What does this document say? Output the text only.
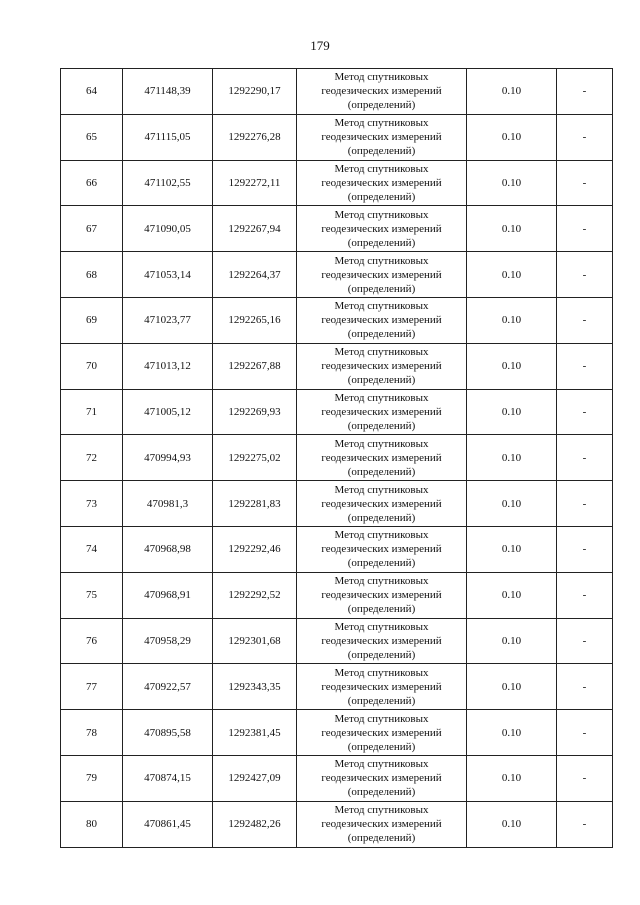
179
64	471148,39	1292290,17	Метод спутниковых
геодезических измерений
(определений)	0.10	-
65	471115,05	1292276,28	Метод спутниковых
геодезических измерений
(определений)	0.10	-
66	471102,55	1292272,11	Метод спутниковых
геодезических измерений
(определений)	0.10	-
67	471090,05	1292267,94	Метод спутниковых
геодезических измерений
(определений)	0.10	-
68	471053,14	1292264,37	Метод спутниковых
геодезических измерений
(определений)	0.10	-
69	471023,77	1292265,16	Метод спутниковых
геодезических измерений
(определений)	0.10	-
70	471013,12	1292267,88	Метод спутниковых
геодезических измерений
(определений)	0.10	-
71	471005,12	1292269,93	Метод спутниковых
геодезических измерений
(определений)	0.10	-
72	470994,93	1292275,02	Метод спутниковых
геодезических измерений
(определений)	0.10	-
73	470981,3	1292281,83	Метод спутниковых
геодезических измерений
(определений)	0.10	-
74	470968,98	1292292,46	Метод спутниковых
геодезических измерений
(определений)	0.10	-
75	470968,91	1292292,52	Метод спутниковых
геодезических измерений
(определений)	0.10	-
76	470958,29	1292301,68	Метод спутниковых
геодезических измерений
(определений)	0.10	-
77	470922,57	1292343,35	Метод спутниковых
геодезических измерений
(определений)	0.10	-
78	470895,58	1292381,45	Метод спутниковых
геодезических измерений
(определений)	0.10	-
79	470874,15	1292427,09	Метод спутниковых
геодезических измерений
(определений)	0.10	-
80	470861,45	1292482,26	Метод спутниковых
геодезических измерений
(определений)	0.10	-
